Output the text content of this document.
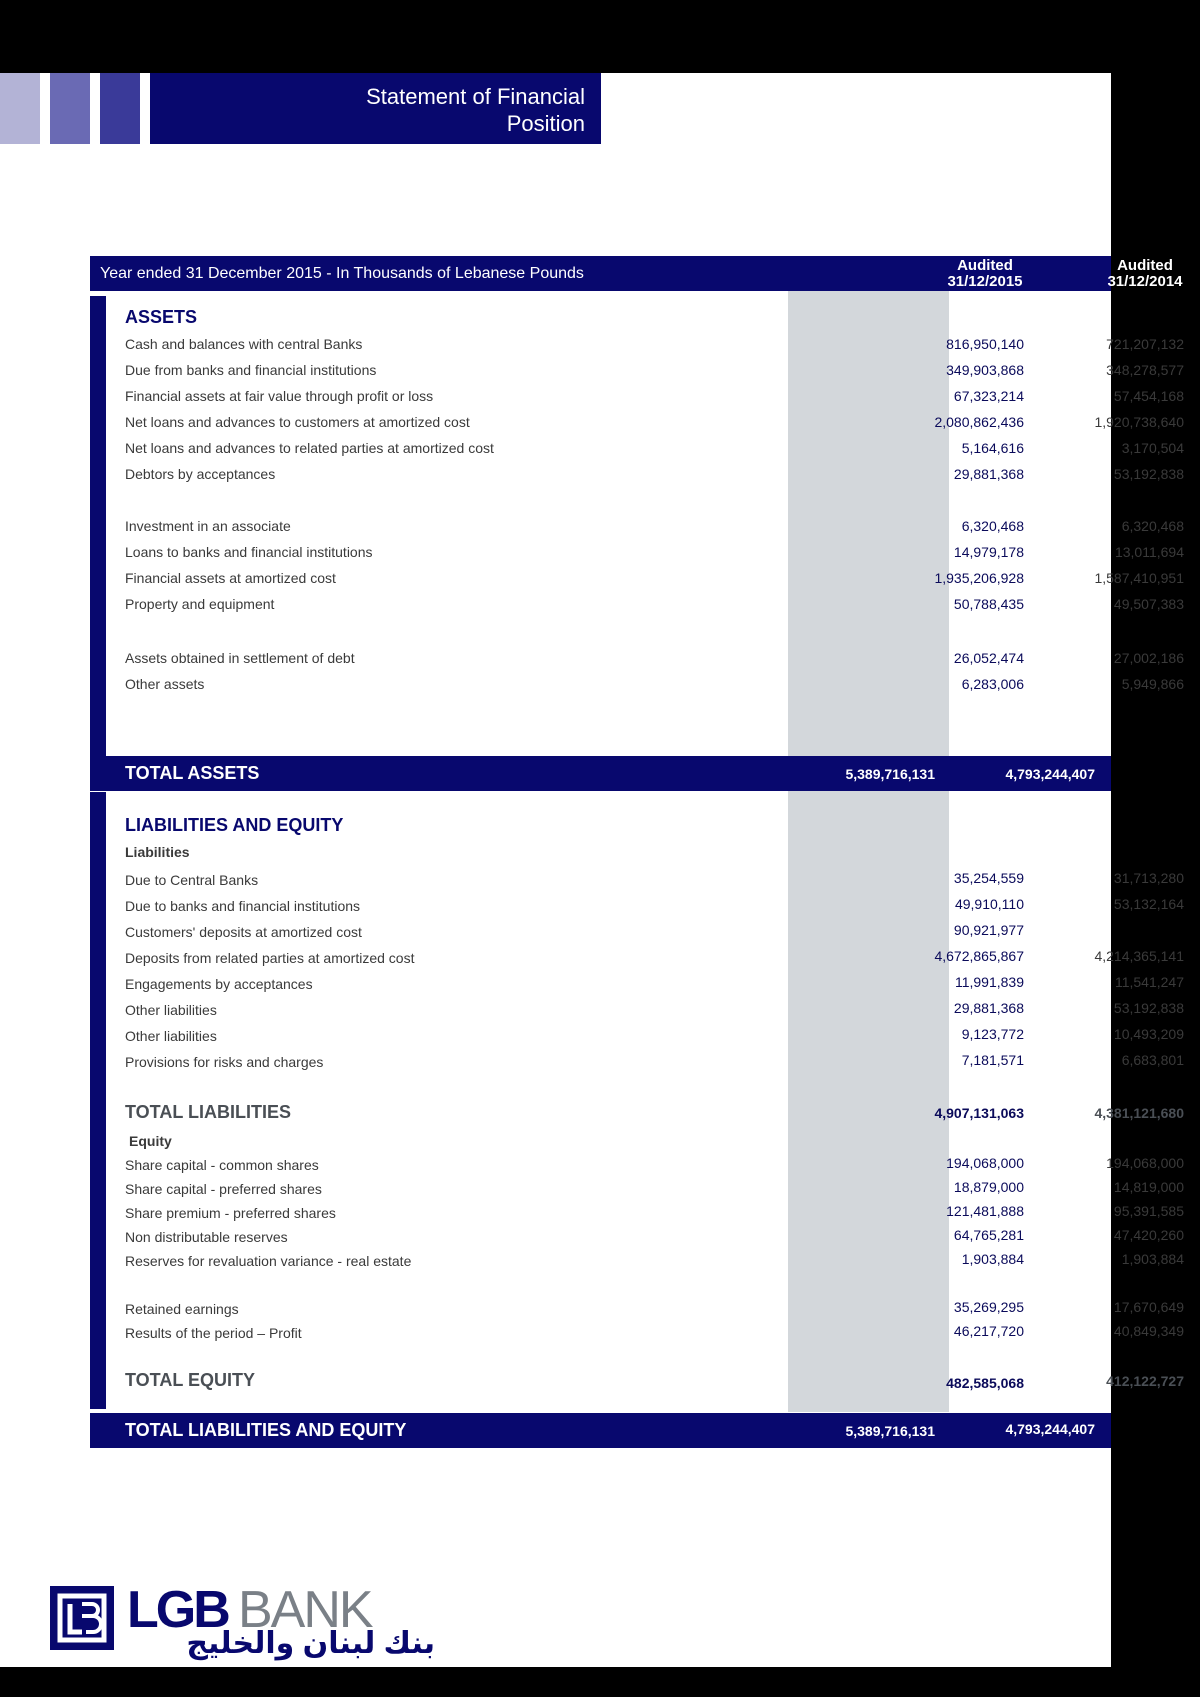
Statement of Financial
Position
Year ended 31 December 2015 - In Thousands of Lebanese Pounds	Audited
31/12/2015
Audited
31/12/2014
ASSETS
Cash and balances with central Banks	816,950,140	721,207,132
Due from banks and financial institutions	349,903,868	348,278,577
Financial assets at fair value through profit or loss	67,323,214	57,454,168
Net loans and advances to customers at amortized cost	2,080,862,436	1,920,738,640
Net loans and advances to related parties at amortized cost	5,164,616	3,170,504
Debtors by acceptances	29,881,368	53,192,838
Investment in an associate	6,320,468	6,320,468
Loans to banks and financial institutions	14,979,178	13,011,694
Financial assets at amortized cost	1,935,206,928	1,587,410,951
Property and equipment	50,788,435	49,507,383
Assets obtained in settlement of debt	26,052,474	27,002,186
Other assets	6,283,006	5,949,866
TOTAL ASSETS	5,389,716,131	4,793,244,407
LIABILITIES AND EQUITY
Liabilities
Due to Central Banks	35,254,559	31,713,280
Due to banks and financial institutions	49,910,110	53,132,164
Customers' deposits at amortized cost	90,921,977
Deposits from related parties at amortized cost	4,672,865,867	4,214,365,141
Engagements by acceptances	11,991,839	11,541,247
Other liabilities	29,881,368	53,192,838
Other liabilities	9,123,772	10,493,209
Provisions for risks and charges	7,181,571	6,683,801
TOTAL LIABILITIES	4,907,131,063	4,381,121,680
Equity
Share capital - common shares	194,068,000	194,068,000
Share capital - preferred shares	18,879,000	14,819,000
Share premium - preferred shares	121,481,888	95,391,585
Non distributable reserves	64,765,281	47,420,260
Reserves for revaluation variance - real estate	1,903,884	1,903,884
Retained earnings	35,269,295	17,670,649
Results of the period – Profit	46,217,720	40,849,349
TOTAL EQUITY	482,585,068	412,122,727
TOTAL LIABILITIES AND EQUITY	5,389,716,131	4,793,244,407
LGB BANK
بنك لبنان والخليج
